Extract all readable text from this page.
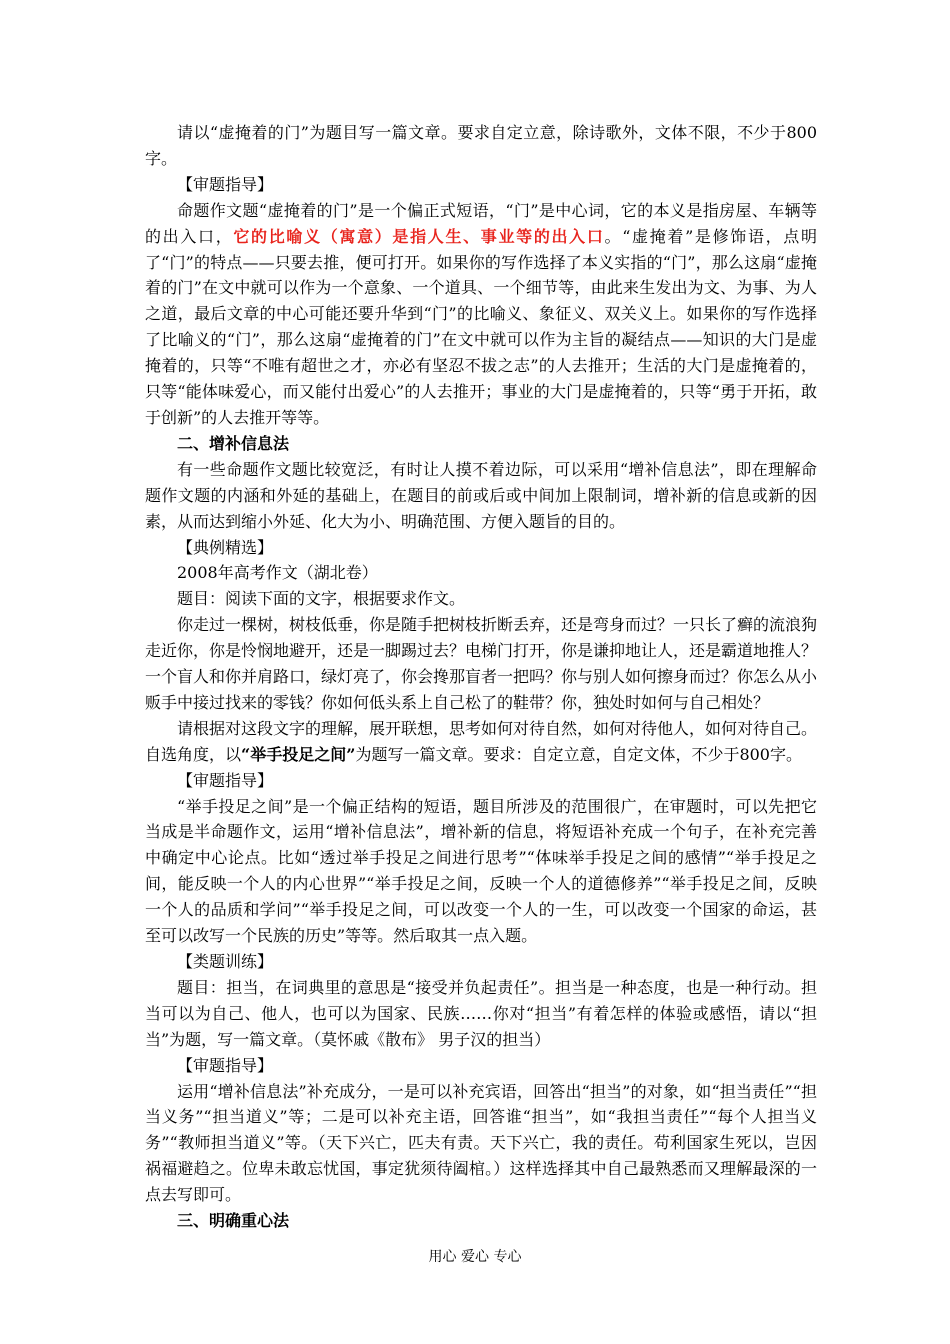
请以“虚掩着的门”为题目写一篇文章。要求自定立意，除诗歌外，文体不限，不少于800字。

【审题指导】

命题作文题“虚掩着的门”是一个偏正式短语，“门”是中心词，它的本义是指房屋、车辆等的出入口，它的比喻义（寓意）是指人生、事业等的出入口。“虚掩着”是修饰语，点明了“门”的特点——只要去推，便可打开。如果你的写作选择了本义实指的“门”，那么这扇“虚掩着的门”在文中就可以作为一个意象、一个道具、一个细节等，由此来生发出为文、为事、为人之道，最后文章的中心可能还要升华到“门”的比喻义、象征义、双关义上。如果你的写作选择了比喻义的“门”，那么这扇“虚掩着的门”在文中就可以作为主旨的凝结点——知识的大门是虚掩着的，只等“不唯有超世之才，亦必有坚忍不拔之志”的人去推开；生活的大门是虚掩着的，只等“能体味爱心，而又能付出爱心”的人去推开；事业的大门是虚掩着的，只等“勇于开拓，敢于创新”的人去推开等等。

二、增补信息法

有一些命题作文题比较宽泛，有时让人摸不着边际，可以采用“增补信息法”，即在理解命题作文题的内涵和外延的基础上，在题目的前或后或中间加上限制词，增补新的信息或新的因素，从而达到缩小外延、化大为小、明确范围、方便入题旨的目的。

【典例精选】

2008年高考作文（湖北卷）

题目：阅读下面的文字，根据要求作文。

你走过一棵树，树枝低垂，你是随手把树枝折断丢弃，还是弯身而过？一只长了癣的流浪狗走近你，你是怜悯地避开，还是一脚踢过去？电梯门打开，你是谦抑地让人，还是霸道地推人？一个盲人和你并肩路口，绿灯亮了，你会搀那盲者一把吗？你与别人如何擦身而过？你怎么从小贩手中接过找来的零钱？你如何低头系上自己松了的鞋带？你，独处时如何与自己相处？

请根据对这段文字的理解，展开联想，思考如何对待自然，如何对待他人，如何对待自己。自选角度，以“举手投足之间”为题写一篇文章。要求：自定立意，自定文体，不少于800字。

【审题指导】

“举手投足之间”是一个偏正结构的短语，题目所涉及的范围很广，在审题时，可以先把它当成是半命题作文，运用“增补信息法”，增补新的信息，将短语补充成一个句子，在补充完善中确定中心论点。比如“透过举手投足之间进行思考”“体味举手投足之间的感情”“举手投足之间，能反映一个人的内心世界”“举手投足之间，反映一个人的道德修养”“举手投足之间，反映一个人的品质和学问”“举手投足之间，可以改变一个人的一生，可以改变一个国家的命运，甚至可以改写一个民族的历史”等等。然后取其一点入题。

【类题训练】

题目：担当，在词典里的意思是“接受并负起责任”。担当是一种态度，也是一种行动。担当可以为自己、他人，也可以为国家、民族……你对“担当”有着怎样的体验或感悟，请以“担当”为题，写一篇文章。（莫怀戚《散布》 男子汉的担当）

【审题指导】

运用“增补信息法”补充成分，一是可以补充宾语，回答出“担当”的对象，如“担当责任”“担当义务”“担当道义”等；二是可以补充主语，回答谁“担当”，如“我担当责任”“每个人担当义务”“教师担当道义”等。（天下兴亡，匹夫有责。天下兴亡，我的责任。苟利国家生死以，岂因祸福避趋之。位卑未敢忘忧国，事定犹须待阖棺。）这样选择其中自己最熟悉而又理解最深的一点去写即可。

三、明确重心法

用心 爱心 专心
